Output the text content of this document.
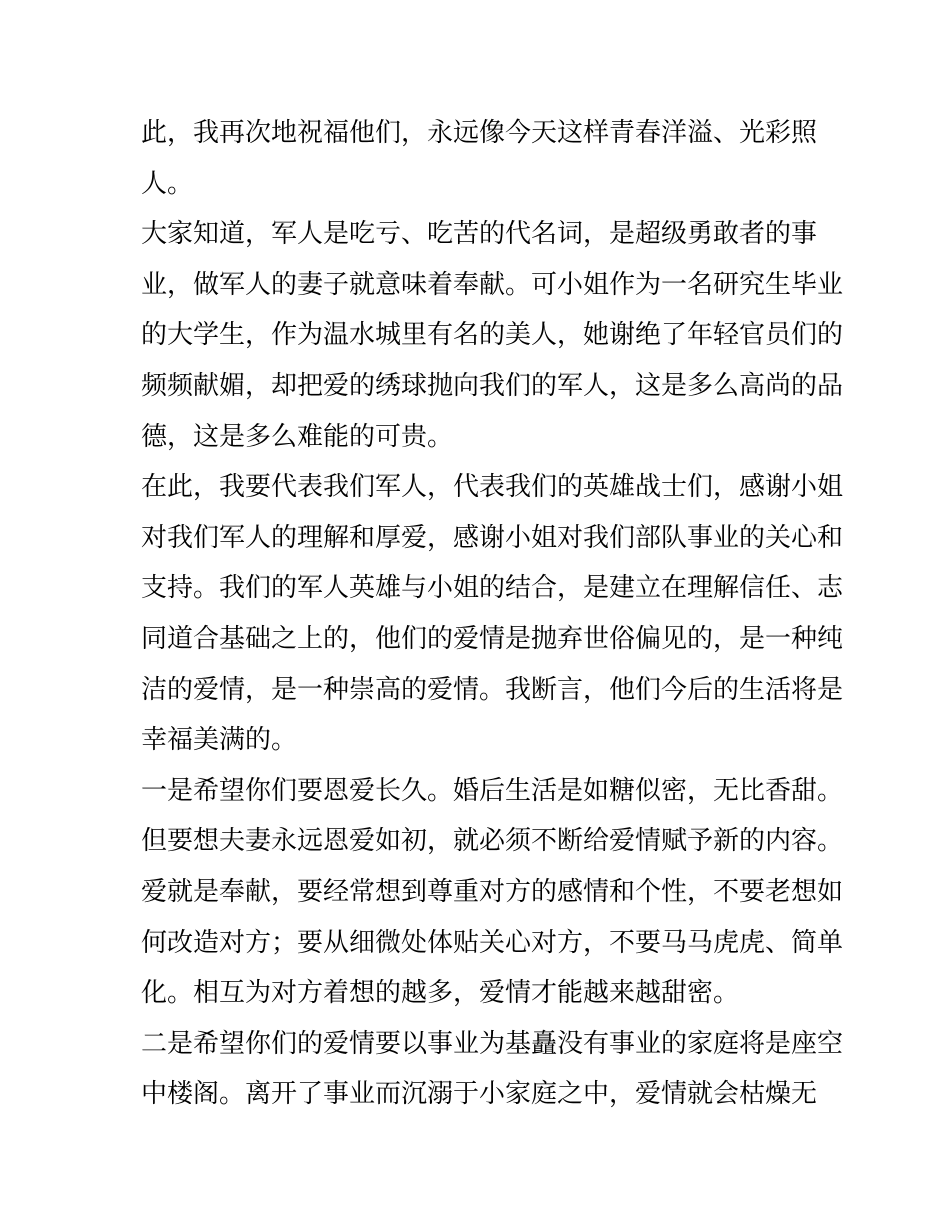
此，我再次地祝福他们，永远像今天这样青春洋溢、光彩照
人。
大家知道，军人是吃亏、吃苦的代名词，是超级勇敢者的事
业，做军人的妻子就意味着奉献。可小姐作为一名研究生毕业
的大学生，作为温水城里有名的美人，她谢绝了年轻官员们的
频频献媚，却把爱的绣球抛向我们的军人，这是多么高尚的品
德，这是多么难能的可贵。
在此，我要代表我们军人，代表我们的英雄战士们，感谢小姐
对我们军人的理解和厚爱，感谢小姐对我们部队事业的关心和
支持。我们的军人英雄与小姐的结合，是建立在理解信任、志
同道合基础之上的，他们的爱情是抛弃世俗偏见的，是一种纯
洁的爱情，是一种崇高的爱情。我断言，他们今后的生活将是
幸福美满的。
一是希望你们要恩爱长久。婚后生活是如糖似密，无比香甜。
但要想夫妻永远恩爱如初，就必须不断给爱情赋予新的内容。
爱就是奉献，要经常想到尊重对方的感情和个性，不要老想如
何改造对方；要从细微处体贴关心对方，不要马马虎虎、简单
化。相互为对方着想的越多，爱情才能越来越甜密。
二是希望你们的爱情要以事业为基矗没有事业的家庭将是座空
中楼阁。离开了事业而沉溺于小家庭之中，爱情就会枯燥无
